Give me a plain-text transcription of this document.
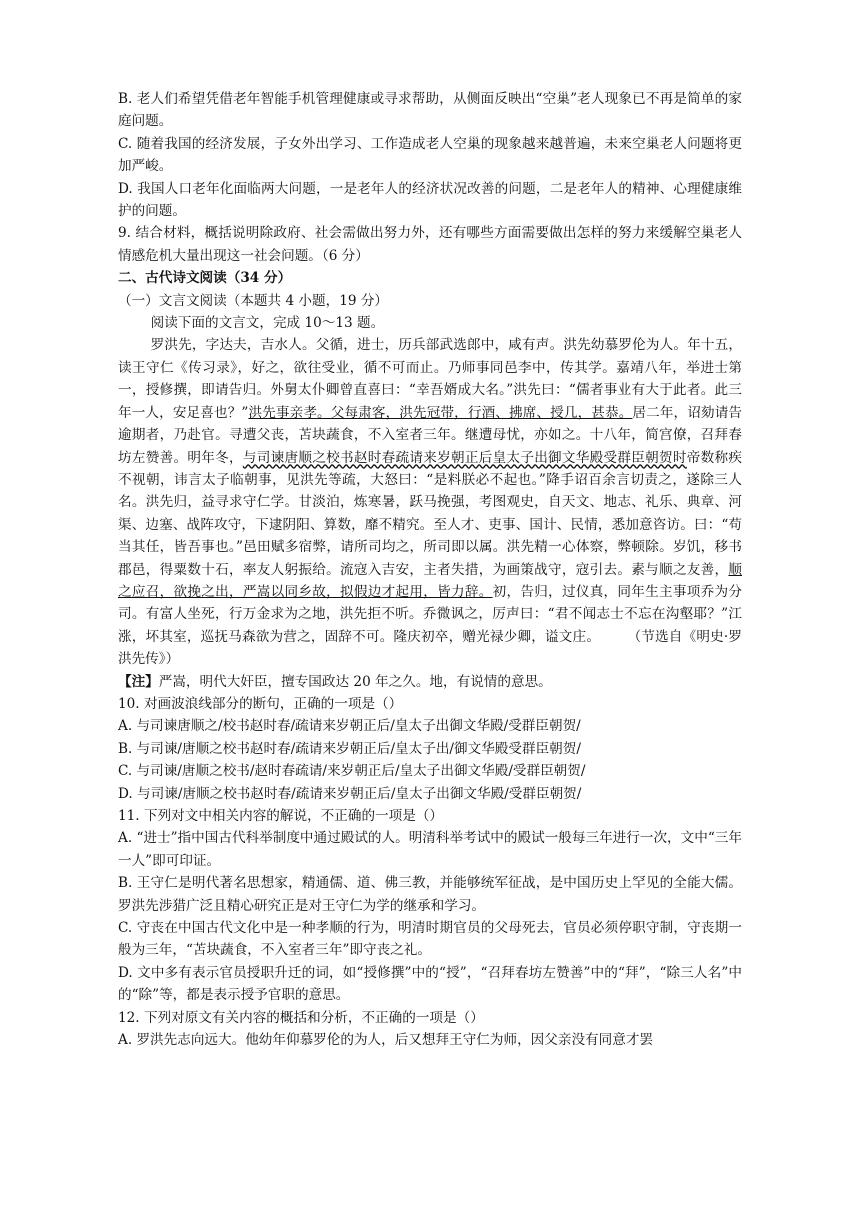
B. 老人们希望凭借老年智能手机管理健康或寻求帮助，从侧面反映出“空巢”老人现象已不再是简单的家庭问题。

C. 随着我国的经济发展，子女外出学习、工作造成老人空巢的现象越来越普遍，未来空巢老人问题将更加严峻。

D. 我国人口老年化面临两大问题，一是老年人的经济状况改善的问题，二是老年人的精神、心理健康维护的问题。

9. 结合材料，概括说明除政府、社会需做出努力外，还有哪些方面需要做出怎样的努力来缓解空巢老人情感危机大量出现这一社会问题。（6 分）

二、古代诗文阅读（34 分）

（一）文言文阅读（本题共 4 小题，19 分）

阅读下面的文言文，完成 10～13 题。

罗洪先，字达夫，吉水人。父循，进士，历兵部武选郎中，咸有声。洪先幼慕罗伦为人。年十五，读王守仁《传习录》，好之，欲往受业，循不可而止。乃师事同邑李中，传其学。嘉靖八年，举进士第一，授修撰，即请告归。外舅太仆卿曾直喜曰：“幸吾婿成大名。”洪先曰：“儒者事业有大于此者。此三年一人，安足喜也？”洪先事亲孝。父每肃客，洪先冠带，行酒、拂席、授几，甚恭。居二年，诏劾请告逾期者，乃赴官。寻遭父丧，苫块蔬食，不入室者三年。继遭母忧，亦如之。十八年，简宫僚，召拜春坊左赞善。明年冬，与司谏唐顺之校书赵时春疏请来岁朝正后皇太子出御文华殿受群臣朝贺时帝数称疾不视朝，讳言太子临朝事，见洪先等疏，大怒曰：“是料朕必不起也。”降手诏百余言切责之，遂除三人名。洪先归，益寻求守仁学。甘淡泊，炼寒暑，跃马挽强，考图观史，自天文、地志、礼乐、典章、河渠、边塞、战阵攻守，下逮阴阳、算数，靡不精究。至人才、吏事、国计、民情，悉加意咨访。曰：“苟当其任，皆吾事也。”邑田赋多宿弊，请所司均之，所司即以属。洪先精一心体察，弊顿除。岁饥，移书郡邑，得粟数十石，率友人躬振给。流寇入吉安，主者失措，为画策战守，寇引去。素与顺之友善，顺之应召，欲挽之出，严嵩以同乡故，拟假边才起用，皆力辞。初，告归，过仪真，同年生主事项乔为分司。有富人坐死，行万金求为之地，洪先拒不听。乔微讽之，厉声曰：“君不闻志士不忘在沟壑耶？”江涨，坏其室，巡抚马森欲为营之，固辞不可。隆庆初卒，赠光禄少卿，谥文庄。   （节选自《明史·罗洪先传》）

【注】严嵩，明代大奸臣，擅专国政达 20 年之久。地，有说情的意思。

10. 对画波浪线部分的断句，正确的一项是（）

A. 与司谏唐顺之/校书赵时春/疏请来岁朝正后/皇太子出御文华殿/受群臣朝贺/

B. 与司谏/唐顺之校书赵时春/疏请来岁朝正后/皇太子出/御文华殿受群臣朝贺/

C. 与司谏/唐顺之校书/赵时春疏请/来岁朝正后/皇太子出御文华殿/受群臣朝贺/

D. 与司谏/唐顺之校书赵时春/疏请来岁朝正后/皇太子出御文华殿/受群臣朝贺/

11. 下列对文中相关内容的解说，不正确的一项是（）

A. “进士”指中国古代科举制度中通过殿试的人。明清科举考试中的殿试一般每三年进行一次，文中“三年一人”即可印证。

B. 王守仁是明代著名思想家，精通儒、道、佛三教，并能够统军征战，是中国历史上罕见的全能大儒。罗洪先涉猎广泛且精心研究正是对王守仁为学的继承和学习。

C. 守丧在中国古代文化中是一种孝顺的行为，明清时期官员的父母死去，官员必须停职守制，守丧期一般为三年，“苫块蔬食，不入室者三年”即守丧之礼。

D. 文中多有表示官员授职升迁的词，如“授修撰”中的“授”，“召拜春坊左赞善”中的“拜”，“除三人名”中的“除”等，都是表示授予官职的意思。

12. 下列对原文有关内容的概括和分析，不正确的一项是（）

A. 罗洪先志向远大。他幼年仰慕罗伦的为人，后又想拜王守仁为师，因父亲没有同意才罢
